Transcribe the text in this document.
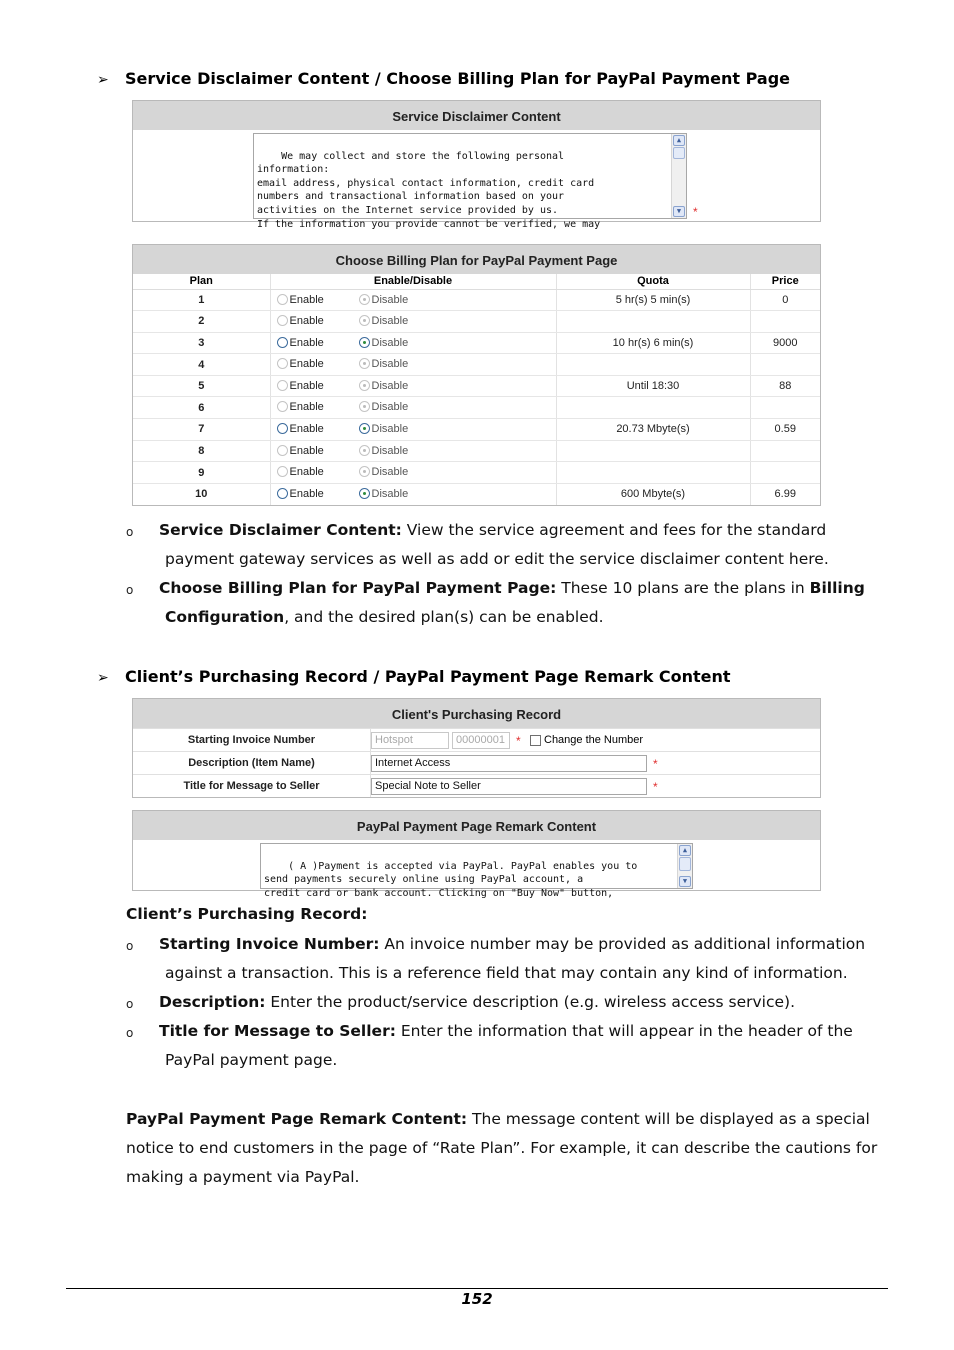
➢ Service Disclaimer Content / Choose Billing Plan for PayPal Payment Page
Service Disclaimer Content

We may collect and store the following personal
information:
email address, physical contact information, credit card
numbers and transactional information based on your
activities on the Internet service provided by us.
If the information you provide cannot be verified, we may

▲

▼

*
Choose Billing Plan for PayPal Payment Page
Plan	Enable/Disable	Quota	Price
1	Enable Disable	5 hr(s) 5 min(s)	0
2	Enable Disable		

3	Enable Disable	10 hr(s) 6 min(s)	9000
4	Enable Disable		

5	Enable Disable	Until 18:30	88
6	Enable Disable		

7	Enable Disable	20.73 Mbyte(s)	0.59
8	Enable Disable		

9	Enable Disable		

10	Enable Disable	600 Mbyte(s)	6.99
o Service Disclaimer Content: View the service agreement and fees for the standard
payment gateway services as well as add or edit the service disclaimer content here.
o Choose Billing Plan for PayPal Payment Page: These 10 plans are the plans in Billing
Configuration, and the desired plan(s) can be enabled.
➢ Client’s Purchasing Record / PayPal Payment Page Remark Content
Client's Purchasing Record
Starting Invoice Number	Hotspot	00000001 * Change the Number
Description (Item Name)	Internet Access	*
Title for Message to Seller	Special Note to Seller	*
PayPal Payment Page Remark Content

( A )Payment is accepted via PayPal. PayPal enables you to
send payments securely online using PayPal account, a
credit card or bank account. Clicking on "Buy Now" button,

▲

▼

Client’s Purchasing Record:
o Starting Invoice Number: An invoice number may be provided as additional information
against a transaction. This is a reference field that may contain any kind of information.
o Description: Enter the product/service description (e.g. wireless access service).
o Title for Message to Seller: Enter the information that will appear in the header of the
PayPal payment page.
PayPal Payment Page Remark Content: The message content will be displayed as a special
notice to end customers in the page of “Rate Plan”. For example, it can describe the cautions for
making a payment via PayPal.
152
